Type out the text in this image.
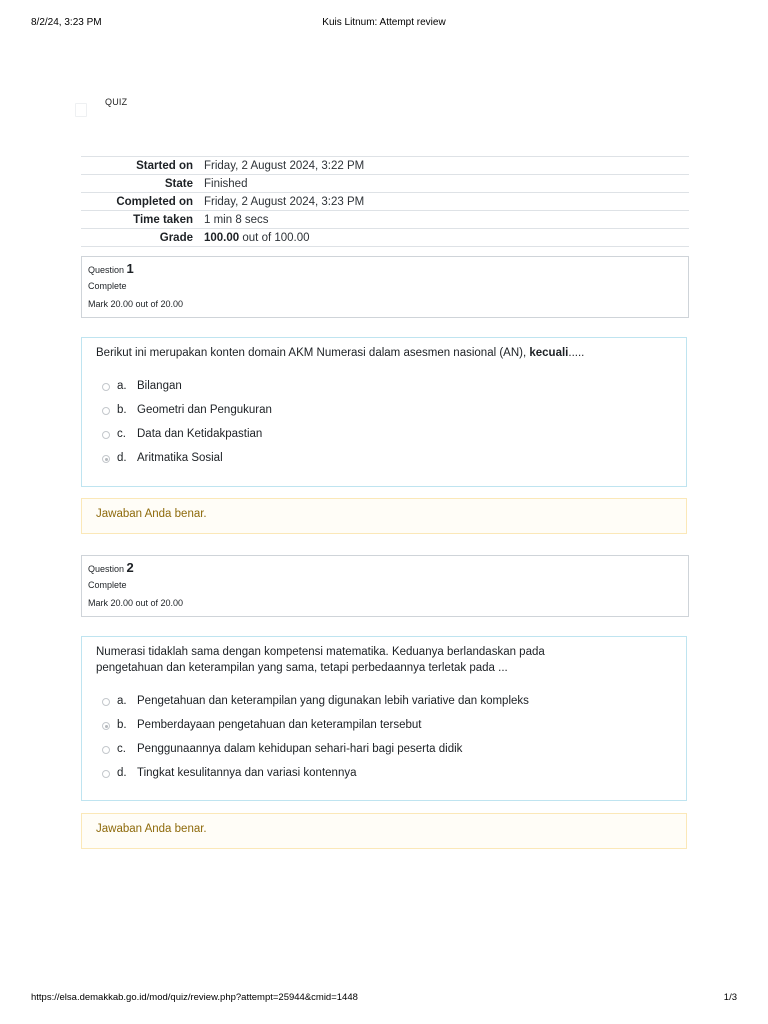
8/2/24, 3:23 PM	Kuis Litnum: Attempt review
QUIZ
Started on	Friday, 2 August 2024, 3:22 PM
State	Finished
Completed on	Friday, 2 August 2024, 3:23 PM
Time taken	1 min 8 secs
Grade	100.00 out of 100.00
Question 1
Complete
Mark 20.00 out of 20.00
Berikut ini merupakan konten domain AKM Numerasi dalam asesmen nasional (AN), kecuali.....
a. Bilangan
b. Geometri dan Pengukuran
c. Data dan Ketidakpastian
d. Aritmatika Sosial
Jawaban Anda benar.
Question 2
Complete
Mark 20.00 out of 20.00
Numerasi tidaklah sama dengan kompetensi matematika. Keduanya berlandaskan pada
pengetahuan dan keterampilan yang sama, tetapi perbedaannya terletak pada ...
a. Pengetahuan dan keterampilan yang digunakan lebih variative dan kompleks
b. Pemberdayaan pengetahuan dan keterampilan tersebut
c. Penggunaannya dalam kehidupan sehari-hari bagi peserta didik
d. Tingkat kesulitannya dan variasi kontennya
Jawaban Anda benar.
https://elsa.demakkab.go.id/mod/quiz/review.php?attempt=25944&cmid=1448	1/3
